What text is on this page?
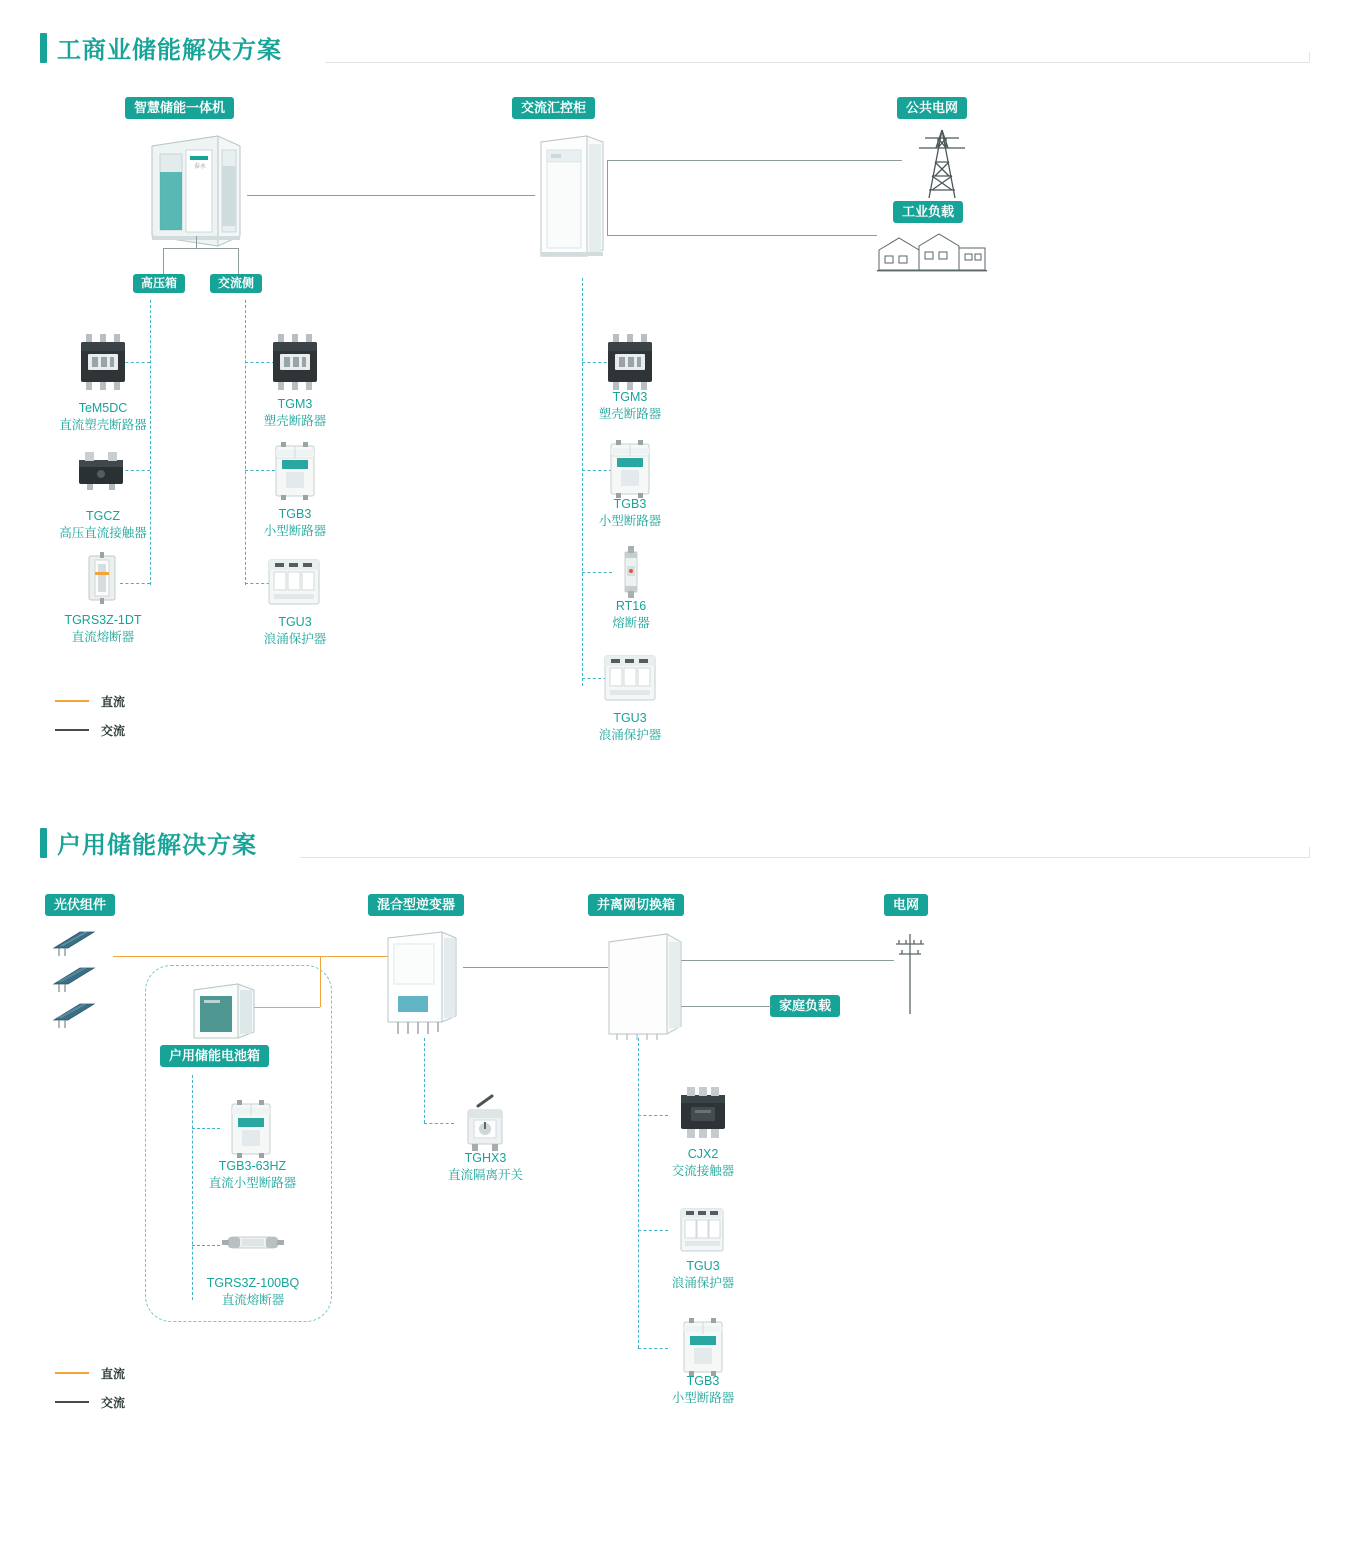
工商业储能解决方案
智慧储能一体机	交流汇控柜	公共电网
工业负载
泰永
高压箱	交流侧
TeM5DC
直流塑壳断路器
TGCZ
高压直流接触器
TGRS3Z-1DT
直流熔断器
TGM3
塑壳断路器
TGB3
小型断路器
TGU3
浪涌保护器
TGM3
塑壳断路器
TGB3
小型断路器
RT16
熔断器
TGU3
浪涌保护器
直流
交流
户用储能解决方案
光伏组件	混合型逆变器	并离网切换箱	电网
家庭负载
户用储能电池箱
TGB3-63HZ
直流小型断路器
TGRS3Z-100BQ
直流熔断器
TGHX3
直流隔离开关
CJX2
交流接触器
TGU3
浪涌保护器
TGB3
小型断路器
直流
交流
